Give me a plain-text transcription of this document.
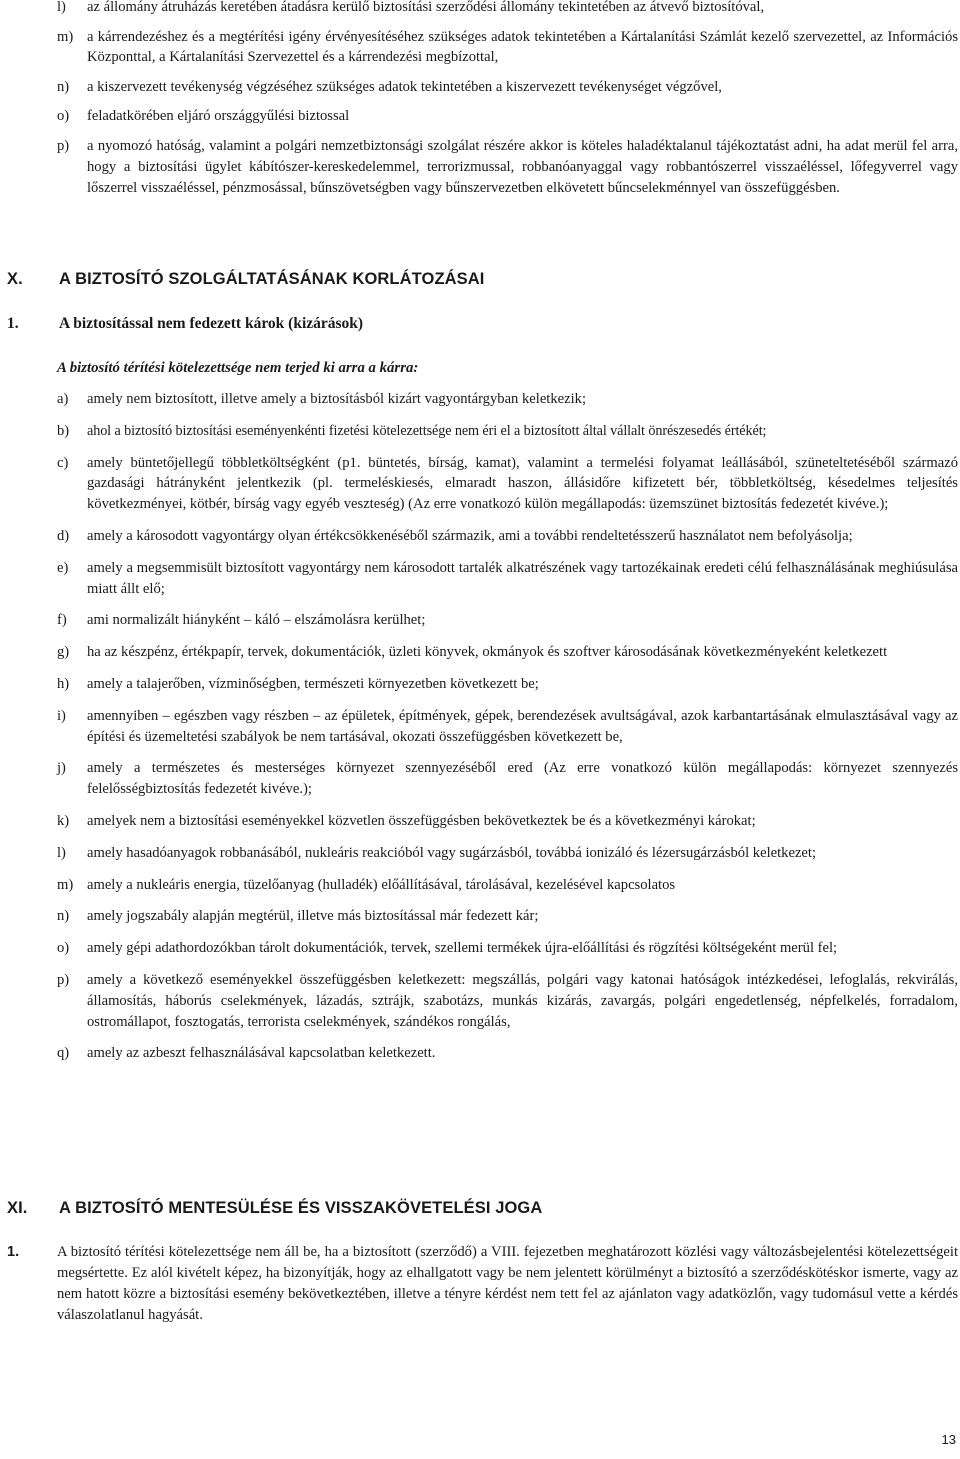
l) az állomány átruházás keretében átadásra kerülő biztosítási szerződési állomány tekintetében az átvevő biztosítóval,
m) a kárrendezéshez és a megtérítési igény érvényesítéséhez szükséges adatok tekintetében a Kártalanítási Számlát kezelő szervezettel, az Információs Központtal, a Kártalanítási Szervezettel és a kárrendezési megbízottal,
n) a kiszervezett tevékenység végzéséhez szükséges adatok tekintetében a kiszervezett tevékenységet végzővel,
o) feladatkörében eljáró országgyűlési biztossal
p) a nyomozó hatóság, valamint a polgári nemzetbiztonsági szolgálat részére akkor is köteles haladéktalanul tájékoztatást adni, ha adat merül fel arra, hogy a biztosítási ügylet kábítószer-kereskedelemmel, terrorizmussal, robbanóanyaggal vagy robbantószerrel visszaéléssel, lőfegyverrel vagy lőszerrel visszaéléssel, pénzmosással, bűnszövetségben vagy bűnszervezetben elkövetett bűncselekménnyel van összefüggésben.
X. A BIZTOSÍTÓ SZOLGÁLTATÁSÁNAK KORLÁTOZÁSAI
1.	A biztosítással nem fedezett károk (kizárások)
A biztosító térítési kötelezettsége nem terjed ki arra a kárra:
a) amely nem biztosított, illetve amely a biztosításból kizárt vagyontárgyban keletkezik;
b) ahol a biztosító biztosítási eseményenkénti fizetési kötelezettsége nem éri el a biztosított által vállalt önrészesedés értékét;
c) amely büntetőjellegű többletköltségként (p1. büntetés, bírság, kamat), valamint a termelési folyamat leállásából, szüneteltetéséből származó gazdasági hátrányként jelentkezik (pl. termeléskiesés, elmaradt haszon, állásidőre kifizetett bér, többletköltség, késedelmes teljesítés következményei, kötbér, bírság vagy egyéb veszteség) (Az erre vonatkozó külön megállapodás: üzemszünet biztosítás fedezetét kivéve.);
d) amely a károsodott vagyontárgy olyan értékcsökkenéséből származik, ami a további rendeltetésszerű használatot nem befolyásolja;
e) amely a megsemmisült biztosított vagyontárgy nem károsodott tartalék alkatrészének vagy tartozékainak eredeti célú felhasználásának meghiúsulása miatt állt elő;
f) ami normalizált hiányként – káló – elszámolásra kerülhet;
g) ha az készpénz, értékpapír, tervek, dokumentációk, üzleti könyvek, okmányok és szoftver károsodásának következményeként keletkezett
h) amely a talajerőben, vízminőségben, természeti környezetben következett be;
i) amennyiben – egészben vagy részben – az épületek, építmények, gépek, berendezések avultságával, azok karbantartásának elmulasztásával vagy az építési és üzemeltetési szabályok be nem tartásával, okozati összefüggésben következett be,
j) amely a természetes és mesterséges környezet szennyezéséből ered (Az erre vonatkozó külön megállapodás: környezet szennyezés felelősségbiztosítás fedezetét kivéve.);
k) amelyek nem a biztosítási eseményekkel közvetlen összefüggésben bekövetkeztek be és a következményi károkat;
l) amely hasadóanyagok robbanásából, nukleáris reakcióból vagy sugárzásból, továbbá ionizáló és lézersugárzásból keletkezet;
m) amely a nukleáris energia, tüzelőanyag (hulladék) előállításával, tárolásával, kezelésével kapcsolatos
n) amely jogszabály alapján megtérül, illetve más biztosítással már fedezett kár;
o) amely gépi adathordozókban tárolt dokumentációk, tervek, szellemi termékek újra-előállítási és rögzítési költségeként merül fel;
p) amely a következő eseményekkel összefüggésben keletkezett: megszállás, polgári vagy katonai hatóságok intézkedései, lefoglalás, rekvirálás, államosítás, háborús cselekmények, lázadás, sztrájk, szabotázs, munkás kizárás, zavargás, polgári engedetlenség, népfelkelés, forradalom, ostromállapot, fosztogatás, terrorista cselekmények, szándékos rongálás,
q) amely az azbeszt felhasználásával kapcsolatban keletkezett.
XI. A BIZTOSÍTÓ MENTESÜLÉSE ÉS VISSZAKÖVETELÉSI JOGA
1.	A biztosító térítési kötelezettsége nem áll be, ha a biztosított (szerződő) a VIII. fejezetben meghatározott közlési vagy változásbejelentési kötelezettségeit megsértette. Ez alól kivételt képez, ha bizonyítják, hogy az elhallgatott vagy be nem jelentett körülményt a biztosító a szerződéskötéskor ismerte, vagy az nem hatott közre a biztosítási esemény bekövetkeztében, illetve a tényre kérdést nem tett fel az ajánlaton vagy adatközlőn, vagy tudomásul vette a kérdés válaszolatlanul hagyását.
13
